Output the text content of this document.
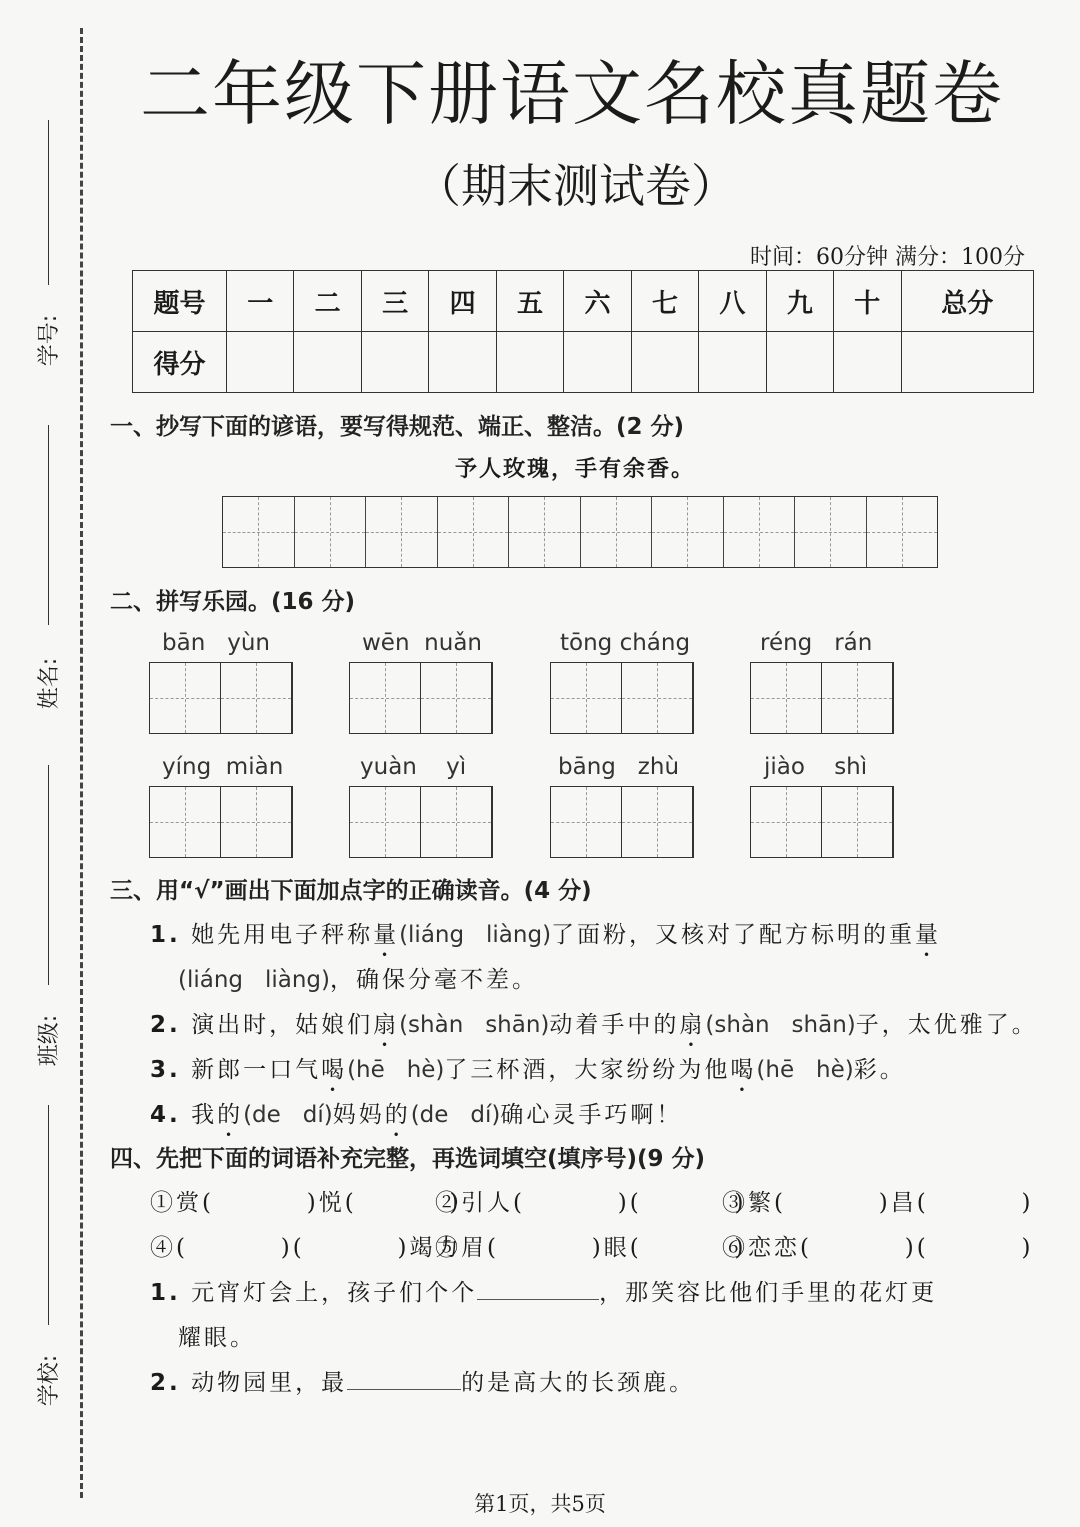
学号:
姓名:
班级:
学校:
二年级下册语文名校真题卷
（期末测试卷）
时间：60分钟 满分：100分
题号	一	二	三	四	五	六	七	八	九	十	总分
得分											
一、抄写下面的谚语，要写得规范、端正、整洁。(2 分)
予人玫瑰，手有余香。
二、拼写乐园。(16 分)
bān   yùn	wēn  nuǎn	tōng cháng	réng   rán
yíng  miàn	yuàn    yì	bāng   zhù	jiào    shì
三、用“√”画出下面加点字的正确读音。(4 分)
1. 她先用电子秤称量(liáng   liàng)了面粉，又核对了配方标明的重量
(liáng   liàng)，确保分毫不差。
2. 演出时，姑娘们扇(shàn   shān)动着手中的扇(shàn   shān)子，太优雅了。
3. 新郎一口气喝(hē   hè)了三杯酒，大家纷纷为他喝(hē   hè)彩。
4. 我的(de   dí)妈妈的(de   dí)确心灵手巧啊！
四、先把下面的词语补充完整，再选词填空(填序号)(9 分)
①赏(         )悦(         )
②引人(         )(         )
③繁(         )昌(         )
④(         )(         )竭力
⑤眉(         )眼(         )
⑥恋恋(         )(         )
1. 元宵灯会上，孩子们个个	，那笑容比他们手里的花灯更
耀眼。
2. 动物园里，最	的是高大的长颈鹿。
第1页，共5页
